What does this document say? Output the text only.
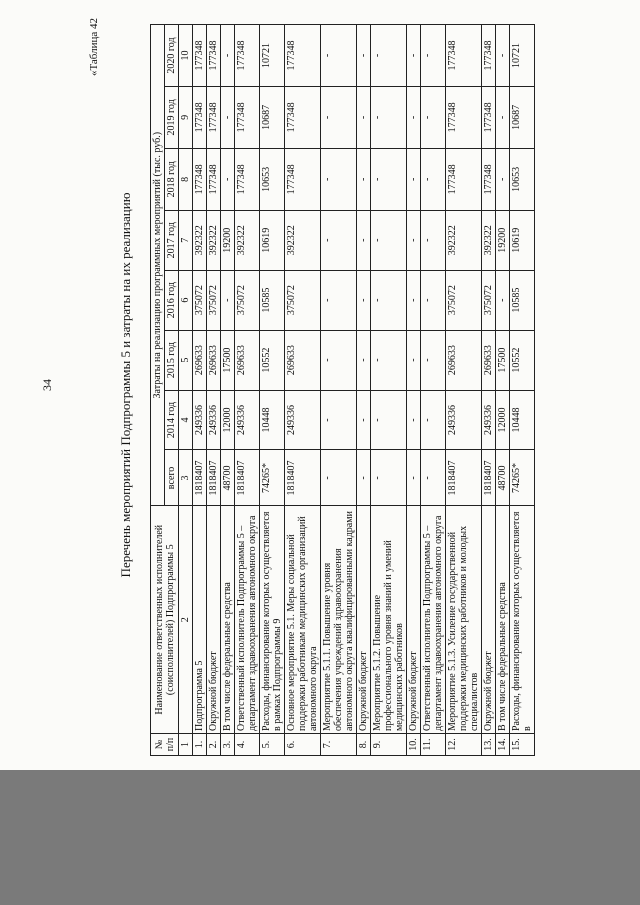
34
«Таблица 42
Перечень мероприятий Подпрограммы 5 и затраты на их реализацию
№ п/п	Наименование ответственных исполнителей (соисполнителей) Подпрограммы 5	Затраты на реализацию программных мероприятий (тыс. руб.)							
		всего	2014 год	2015 год	2016 год	2017 год	2018 год	2019 год	2020 год
1	2	3	4	5	6	7	8	9	10
1.	Подпрограмма 5	1818407	249336	269633	375072	392322	177348	177348	177348
2.	Окружной бюджет	1818407	249336	269633	375072	392322	177348	177348	177348
3.	В том числе федеральные средства	48700	12000	17500	-	19200	-	-	-
4.	Ответственный исполнитель Подпрограммы 5 – департамент здравоохранения автономного округа	1818407	249336	269633	375072	392322	177348	177348	177348
5.	Расходы, финансирование которых осуществляется в рамках Подпрограммы 9	74265*	10448	10552	10585	10619	10653	10687	10721
6.	Основное мероприятие 5.1. Меры социальной поддержки работникам медицинских организаций автономного округа	1818407	249336	269633	375072	392322	177348	177348	177348
7.	Мероприятие 5.1.1. Повышение уровня обеспечения учреждений здравоохранения автономного округа квалифицированными кадрами	-	-	-	-	-	-	-	-
8.	Окружной бюджет	-	-	-	-	-	-	-	-
9.	Мероприятие 5.1.2. Повышение профессионального уровня знаний и умений медицинских работников	-	-	-	-	-	-	-	-
10.	Окружной бюджет	-	-	-	-	-	-	-	-
11.	Ответственный исполнитель Подпрограммы 5 – департамент здравоохранения автономного округа	-	-	-	-	-	-	-	-
12.	Мероприятие 5.1.3. Усиление государственной поддержки медицинских работников и молодых специалистов	1818407	249336	269633	375072	392322	177348	177348	177348
13.	Окружной бюджет	1818407	249336	269633	375072	392322	177348	177348	177348
14.	В том числе федеральные средства	48700	12000	17500	-	19200	-	-	-
15.	Расходы, финансирование которых осуществляется в	74265*	10448	10552	10585	10619	10653	10687	10721
